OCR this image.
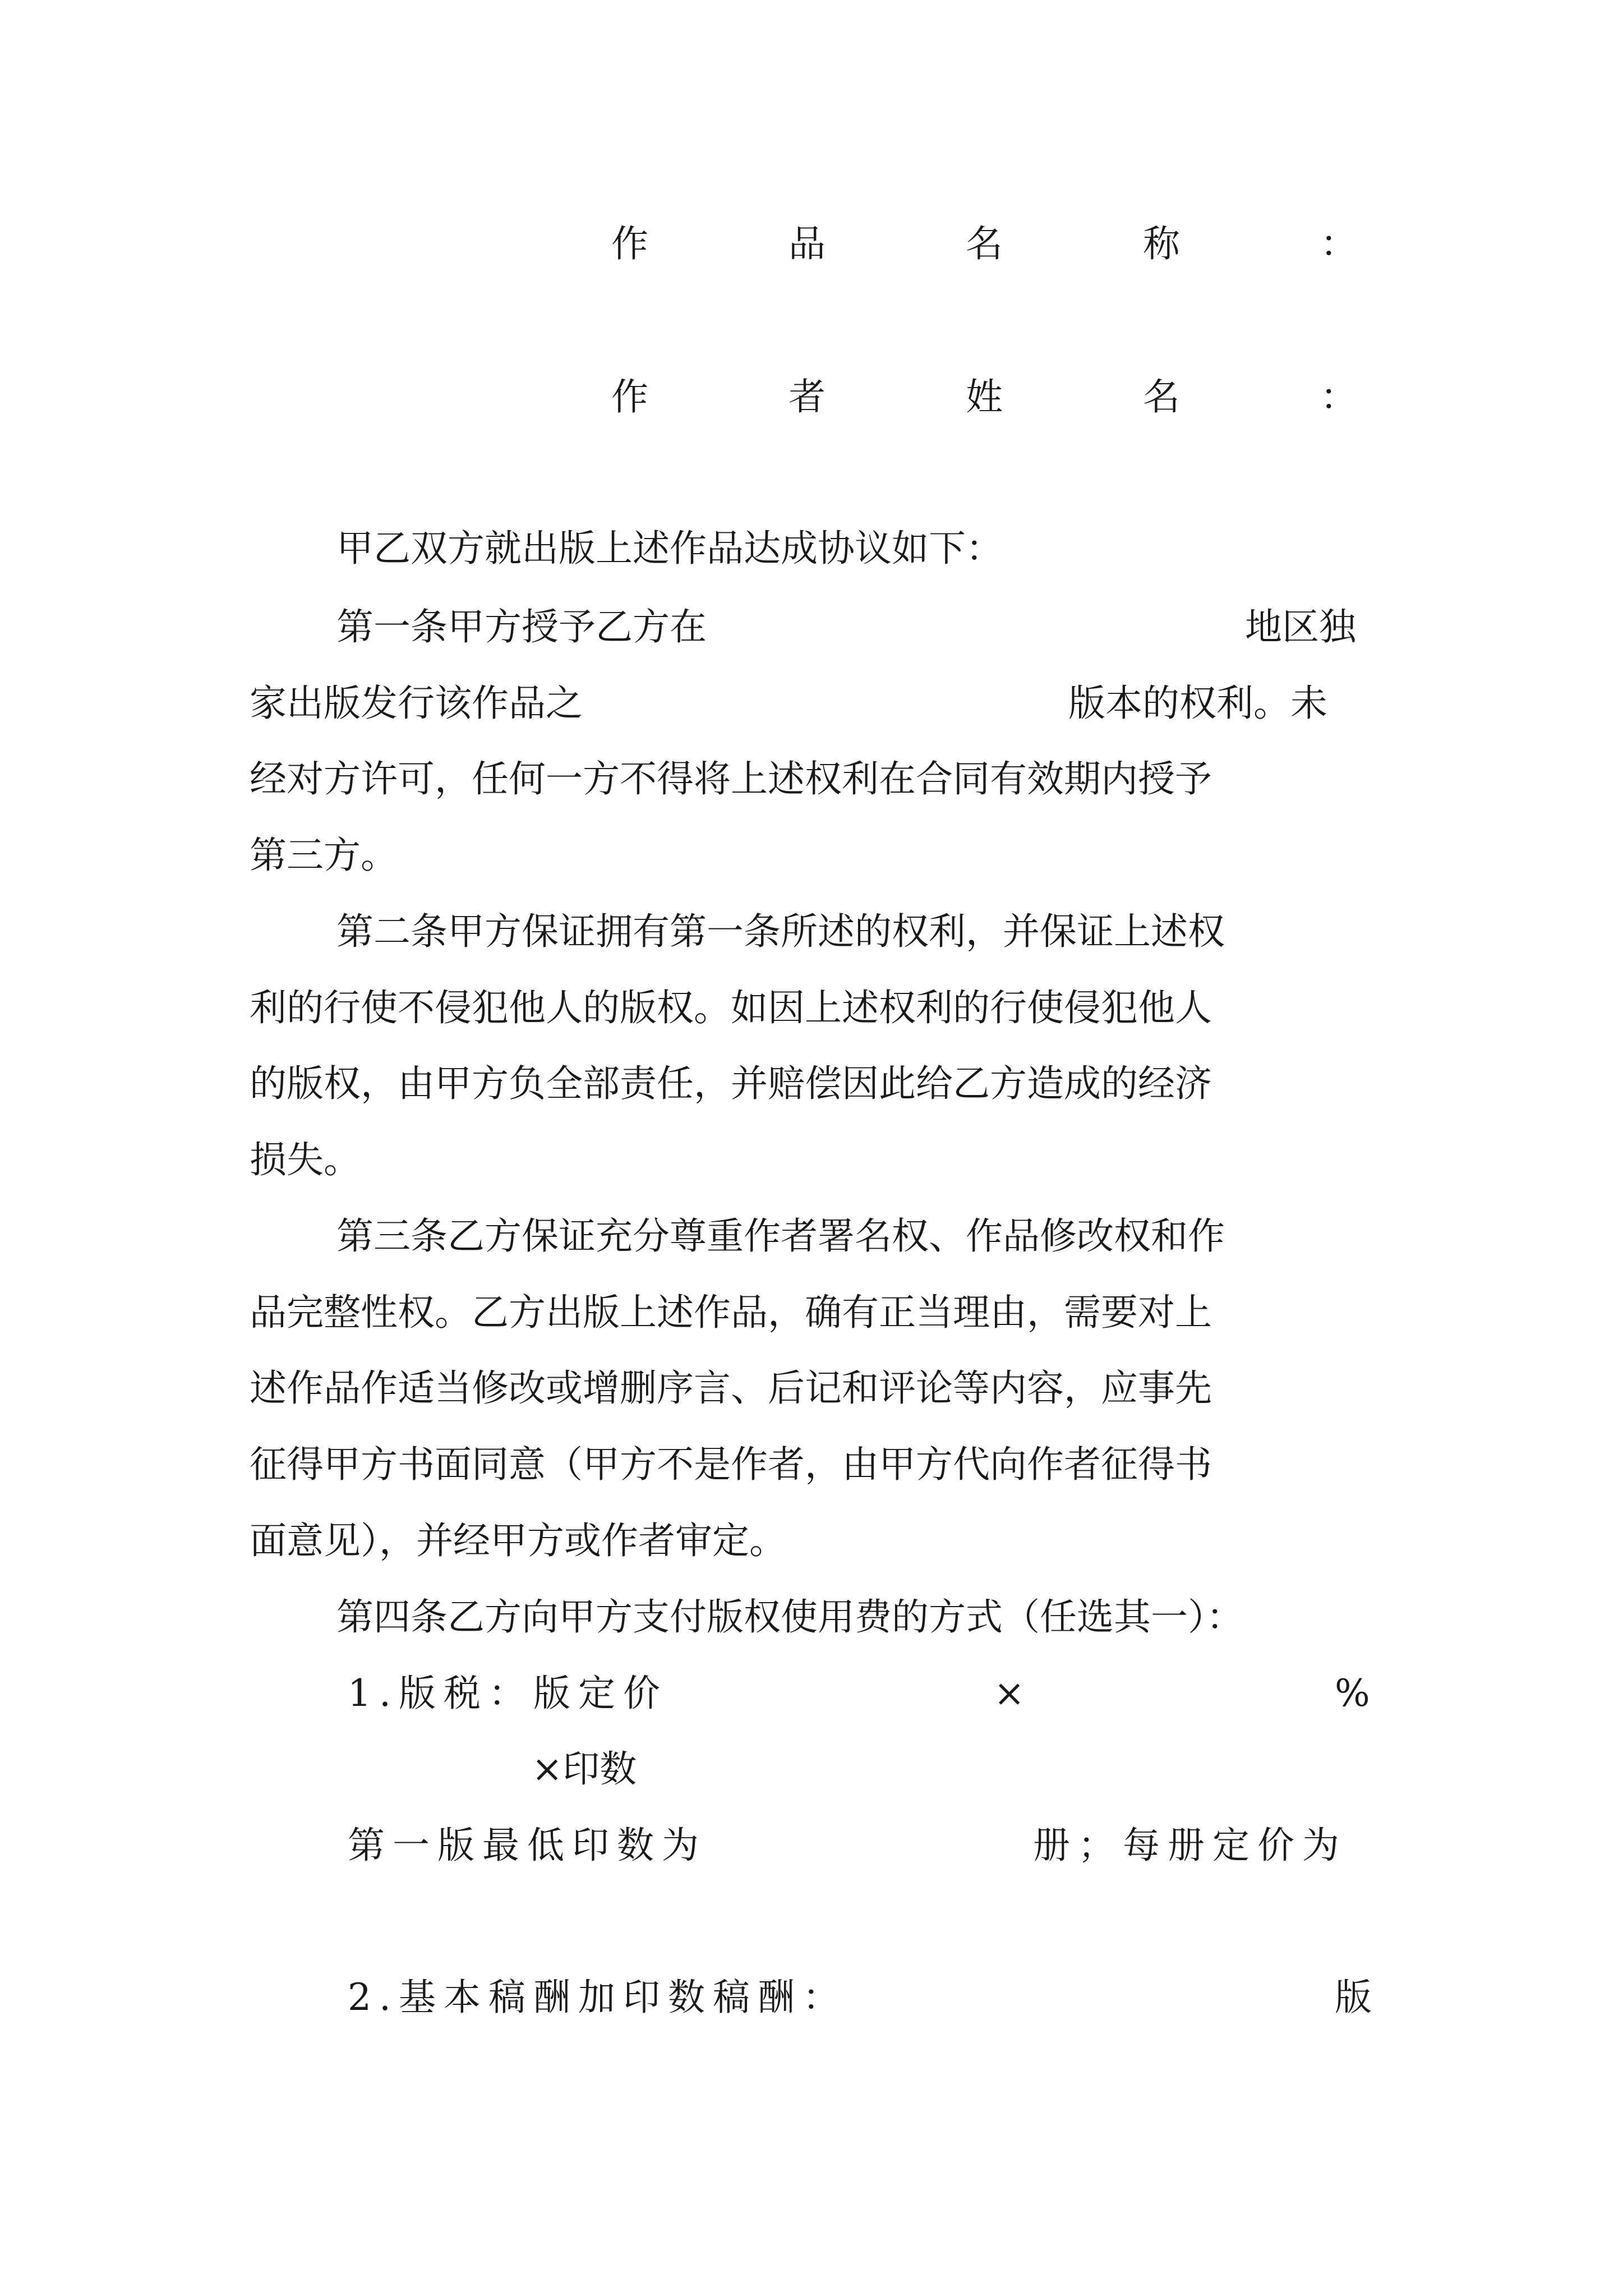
作	品	名	称	：
作	者	姓	名	：

甲乙双方就出版上述作品达成协议如下：

第一条甲方授予乙方在	地区独

家出版发行该作品之	版本的权利。未

经对方许可，任何一方不得将上述权利在合同有效期内授予

第三方。

第二条甲方保证拥有第一条所述的权利，并保证上述权

利的行使不侵犯他人的版权。如因上述权利的行使侵犯他人

的版权，由甲方负全部责任，并赔偿因此给乙方造成的经济

损失。

第三条乙方保证充分尊重作者署名权、作品修改权和作

品完整性权。乙方出版上述作品，确有正当理由，需要对上

述作品作适当修改或增删序言、后记和评论等内容，应事先

征得甲方书面同意（甲方不是作者，由甲方代向作者征得书

面意见），并经甲方或作者审定。

第四条乙方向甲方支付版权使用费的方式（任选其一）：

1.版税：版定价	×	%

×印数

第一版最低印数为	册；每册定价为

2.基本稿酬加印数稿酬：	版
